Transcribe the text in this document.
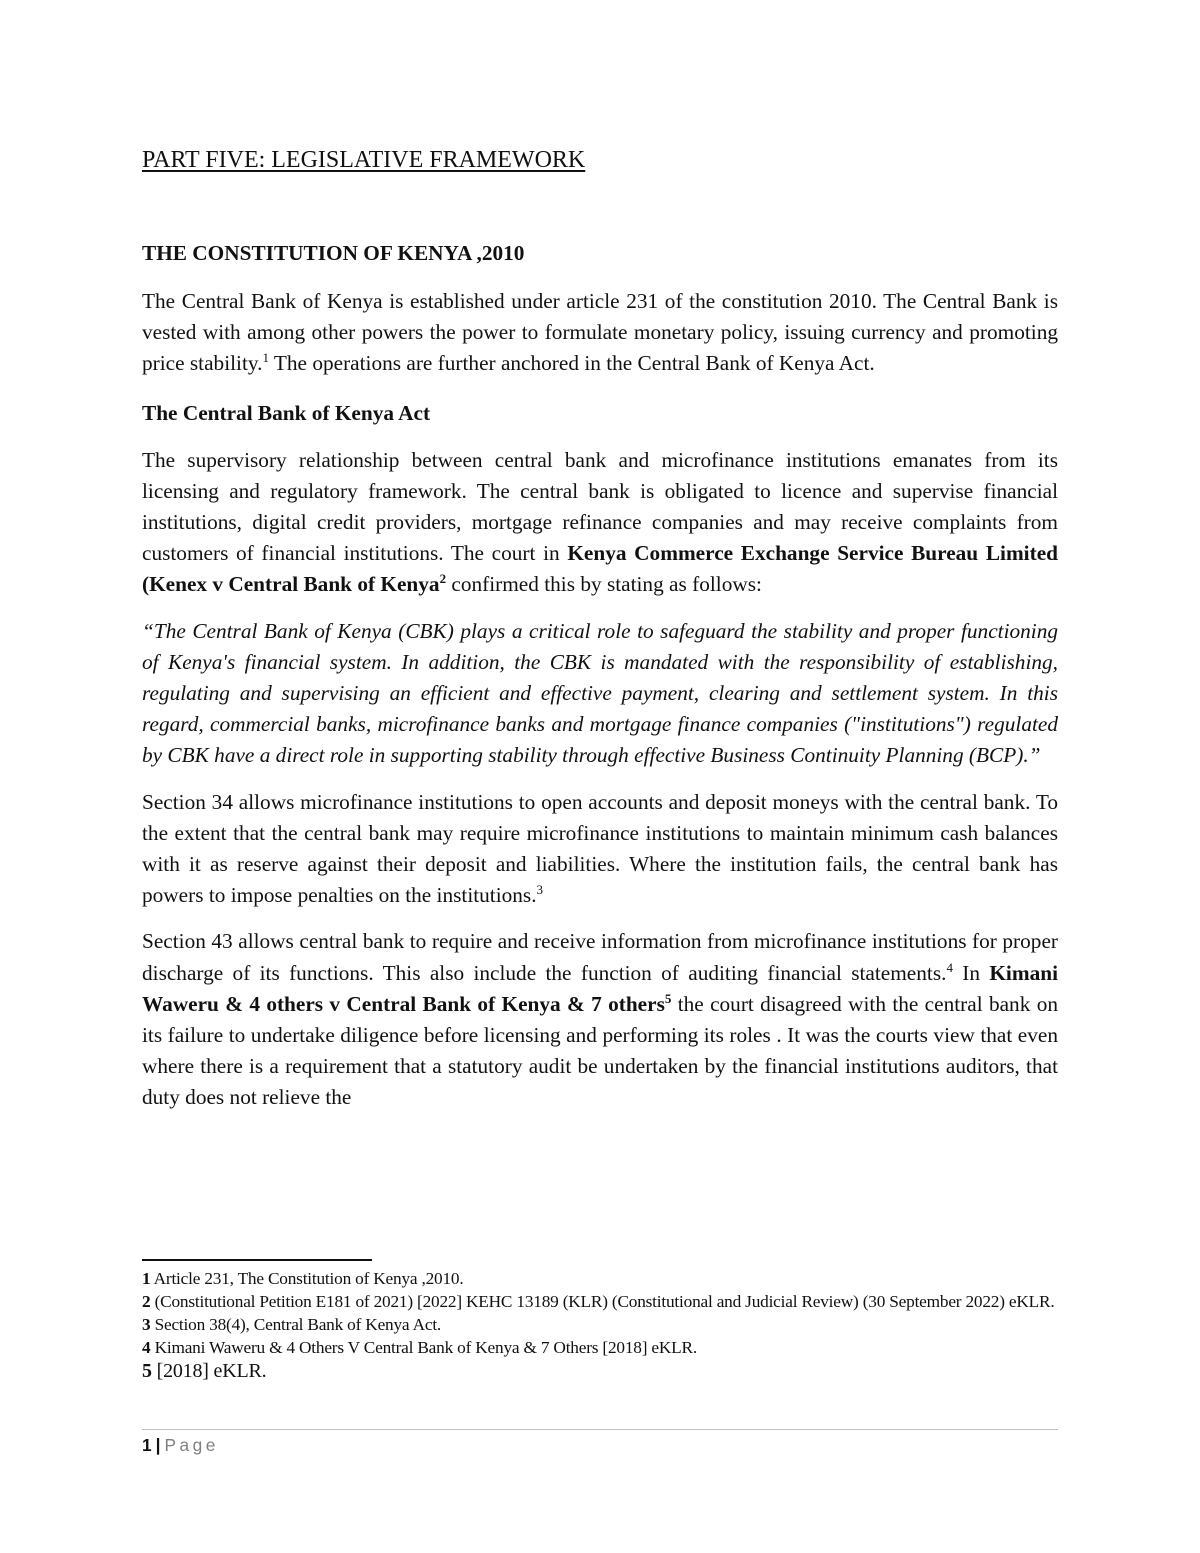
PART FIVE: LEGISLATIVE FRAMEWORK
THE CONSTITUTION OF KENYA ,2010

The Central Bank of Kenya is established under article 231 of the constitution 2010. The Central Bank is vested with among other powers the power to formulate monetary policy, issuing currency and promoting price stability.$^1$ The operations are further anchored in the Central Bank of Kenya Act.

The Central Bank of Kenya Act

The supervisory relationship between central bank and microfinance institutions emanates from its licensing and regulatory framework. The central bank is obligated to licence and supervise financial institutions, digital credit providers, mortgage refinance companies and may receive complaints from customers of financial institutions. The court in Kenya Commerce Exchange Service Bureau Limited (Kenex v Central Bank of Kenya$^2$ confirmed this by stating as follows:

“The Central Bank of Kenya (CBK) plays a critical role to safeguard the stability and proper functioning of Kenya's financial system. In addition, the CBK is mandated with the responsibility of establishing, regulating and supervising an efficient and effective payment, clearing and settlement system. In this regard, commercial banks, microfinance banks and mortgage finance companies ("institutions") regulated by CBK have a direct role in supporting stability through effective Business Continuity Planning (BCP).”

Section 34 allows microfinance institutions to open accounts and deposit moneys with the central bank. To the extent that the central bank may require microfinance institutions to maintain minimum cash balances with it as reserve against their deposit and liabilities. Where the institution fails, the central bank has powers to impose penalties on the institutions.$^3$

Section 43 allows central bank to require and receive information from microfinance institutions for proper discharge of its functions. This also include the function of auditing financial statements.$^4$ In Kimani Waweru & 4 others v Central Bank of Kenya & 7 others$^5$ the court disagreed with the central bank on its failure to undertake diligence before licensing and performing its roles . It was the courts view that even where there is a requirement that a statutory audit be undertaken by the financial institutions auditors, that duty does not relieve the

1 Article 231, The Constitution of Kenya ,2010.

2 (Constitutional Petition E181 of 2021) [2022] KEHC 13189 (KLR) (Constitutional and Judicial Review) (30 September 2022) eKLR.

3 Section 38(4), Central Bank of Kenya Act.

4 Kimani Waweru & 4 Others V Central Bank of Kenya & 7 Others [2018] eKLR.

5 [2018] eKLR.

1 | Page
